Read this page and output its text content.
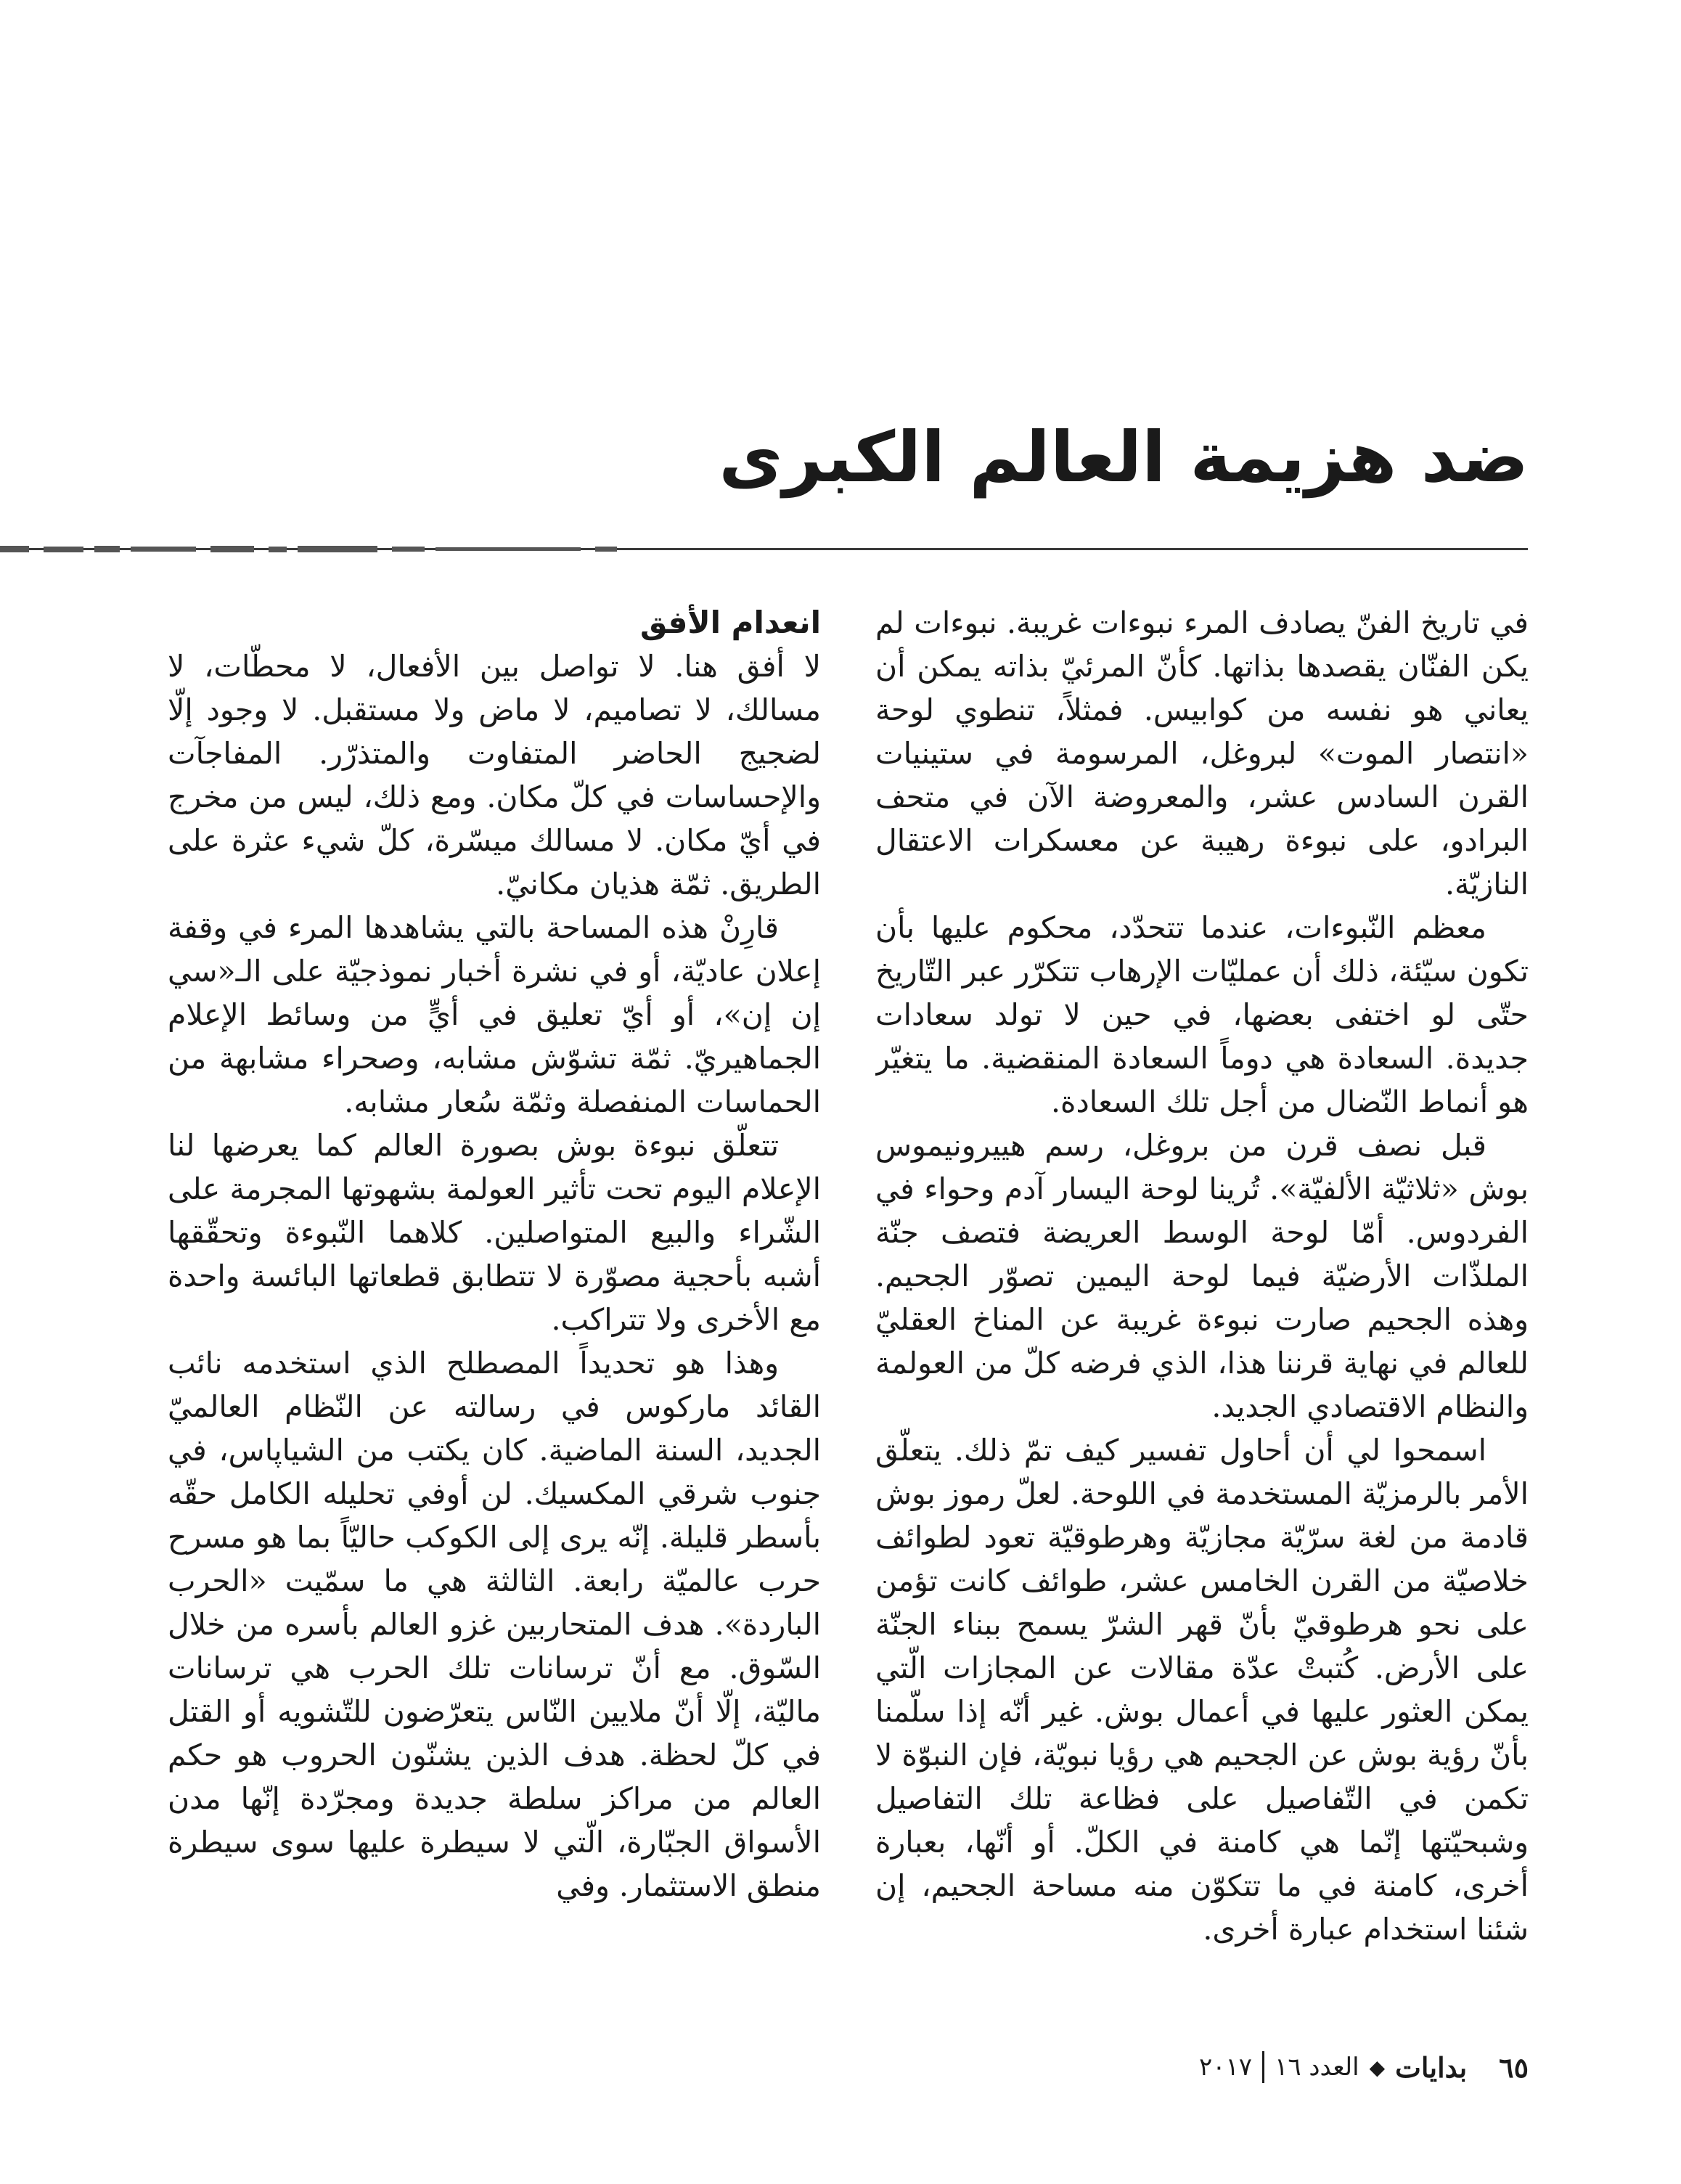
ضد هزيمة العالم الكبرى

في تاريخ الفنّ يصادف المرء نبوءات غريبة. نبوءات لم يكن الفنّان يقصدها بذاتها. كأنّ المرئيّ بذاته يمكن أن يعاني هو نفسه من كوابيس. فمثلاً، تنطوي لوحة «انتصار الموت» لبروغل، المرسومة في ستينيات القرن السادس عشر، والمعروضة الآن في متحف البرادو، على نبوءة رهيبة عن معسكرات الاعتقال النازيّة.

معظم النّبوءات، عندما تتحدّد، محكوم عليها بأن تكون سيّئة، ذلك أن عمليّات الإرهاب تتكرّر عبر التّاريخ حتّى لو اختفى بعضها، في حين لا تولد سعادات جديدة. السعادة هي دوماً السعادة المنقضية. ما يتغيّر هو أنماط النّضال من أجل تلك السعادة.

قبل نصف قرن من بروغل، رسم هييرونيموس بوش «ثلاثيّة الألفيّة». تُرينا لوحة اليسار آدم وحواء في الفردوس. أمّا لوحة الوسط العريضة فتصف جنّة الملذّات الأرضيّة فيما لوحة اليمين تصوّر الجحيم. وهذه الجحيم صارت نبوءة غريبة عن المناخ العقليّ للعالم في نهاية قرننا هذا، الذي فرضه كلّ من العولمة والنظام الاقتصادي الجديد.

اسمحوا لي أن أحاول تفسير كيف تمّ ذلك. يتعلّق الأمر بالرمزيّة المستخدمة في اللوحة. لعلّ رموز بوش قادمة من لغة سرّيّة مجازيّة وهرطوقيّة تعود لطوائف خلاصيّة من القرن الخامس عشر، طوائف كانت تؤمن على نحو هرطوقيّ بأنّ قهر الشرّ يسمح ببناء الجنّة على الأرض. كُتبتْ عدّة مقالات عن المجازات الّتي يمكن العثور عليها في أعمال بوش. غير أنّه إذا سلّمنا بأنّ رؤية بوش عن الجحيم هي رؤيا نبويّة، فإن النبوّة لا تكمن في التّفاصيل على فظاعة تلك التفاصيل وشبحيّتها إنّما هي كامنة في الكلّ. أو أنّها، بعبارة أخرى، كامنة في ما تتكوّن منه مساحة الجحيم، إن شئنا استخدام عبارة أخرى.

انعدام الأفق

لا أفق هنا. لا تواصل بين الأفعال، لا محطّات، لا مسالك، لا تصاميم، لا ماض ولا مستقبل. لا وجود إلّا لضجيج الحاضر المتفاوت والمتذرّر. المفاجآت والإحساسات في كلّ مكان. ومع ذلك، ليس من مخرج في أيّ مكان. لا مسالك ميسّرة، كلّ شيء عثرة على الطريق. ثمّة هذيان مكانيّ.

قارِنْ هذه المساحة بالتي يشاهدها المرء في وقفة إعلان عاديّة، أو في نشرة أخبار نموذجيّة على الـ«سي إن إن»، أو أيّ تعليق في أيٍّ من وسائط الإعلام الجماهيريّ. ثمّة تشوّش مشابه، وصحراء مشابهة من الحماسات المنفصلة وثمّة سُعار مشابه.

تتعلّق نبوءة بوش بصورة العالم كما يعرضها لنا الإعلام اليوم تحت تأثير العولمة بشهوتها المجرمة على الشّراء والبيع المتواصلين. كلاهما النّبوءة وتحقّقها أشبه بأحجية مصوّرة لا تتطابق قطعاتها البائسة واحدة مع الأخرى ولا تتراكب.

وهذا هو تحديداً المصطلح الذي استخدمه نائب القائد ماركوس في رسالته عن النّظام العالميّ الجديد، السنة الماضية. كان يكتب من الشياپاس، في جنوب شرقي المكسيك. لن أوفي تحليله الكامل حقّه بأسطر قليلة. إنّه يرى إلى الكوكب حاليّاً بما هو مسرح حرب عالميّة رابعة. الثالثة هي ما سمّيت «الحرب الباردة». هدف المتحاربين غزو العالم بأسره من خلال السّوق. مع أنّ ترسانات تلك الحرب هي ترسانات ماليّة، إلّا أنّ ملايين النّاس يتعرّضون للتّشويه أو القتل في كلّ لحظة. هدف الذين يشنّون الحروب هو حكم العالم من مراكز سلطة جديدة ومجرّدة إنّها مدن الأسواق الجبّارة، الّتي لا سيطرة عليها سوى سيطرة منطق الاستثمار. وفي

٦٥
بدايات
◆
العدد ١٦
٢٠١٧
